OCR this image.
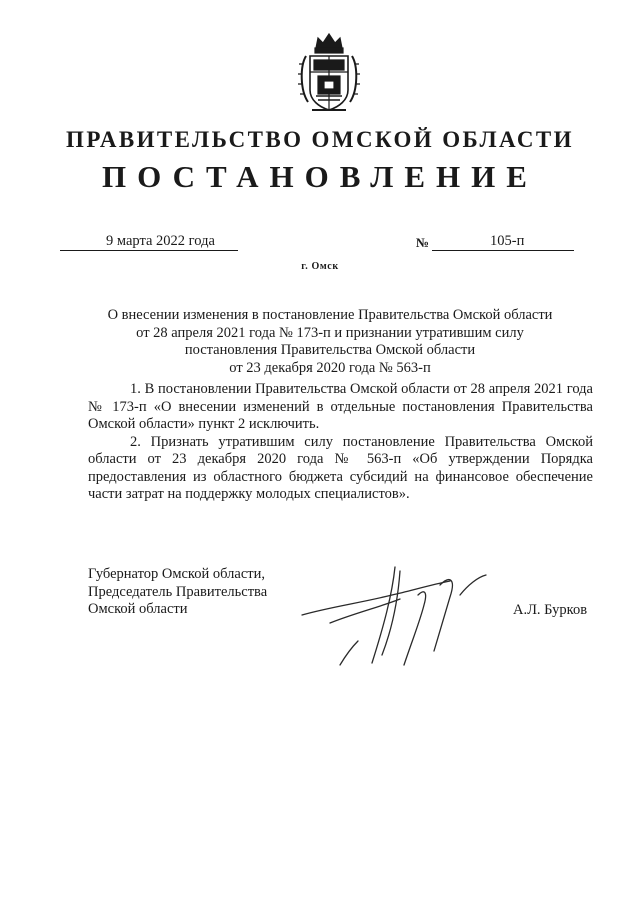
ПРАВИТЕЛЬСТВО ОМСКОЙ ОБЛАСТИ
ПОСТАНОВЛЕНИЕ
9 марта 2022 года	№	105-п
г. Омск
О внесении изменения в постановление Правительства Омской области
от 28 апреля 2021 года № 173-п и признании утратившим силу
постановления Правительства Омской области
от 23 декабря 2020 года № 563-п

1. В постановлении Правительства Омской области от 28 апреля 2021 года № 173-п «О внесении изменений в отдельные постановления Правительства Омской области» пункт 2 исключить.

2. Признать утратившим силу постановление Правительства Омской области от 23 декабря 2020 года № 563-п «Об утверждении Порядка предоставления из областного бюджета субсидий на финансовое обеспечение части затрат на поддержку молодых специалистов».

Губернатор Омской области,
Председатель Правительства
Омской области	А.Л. Бурков
